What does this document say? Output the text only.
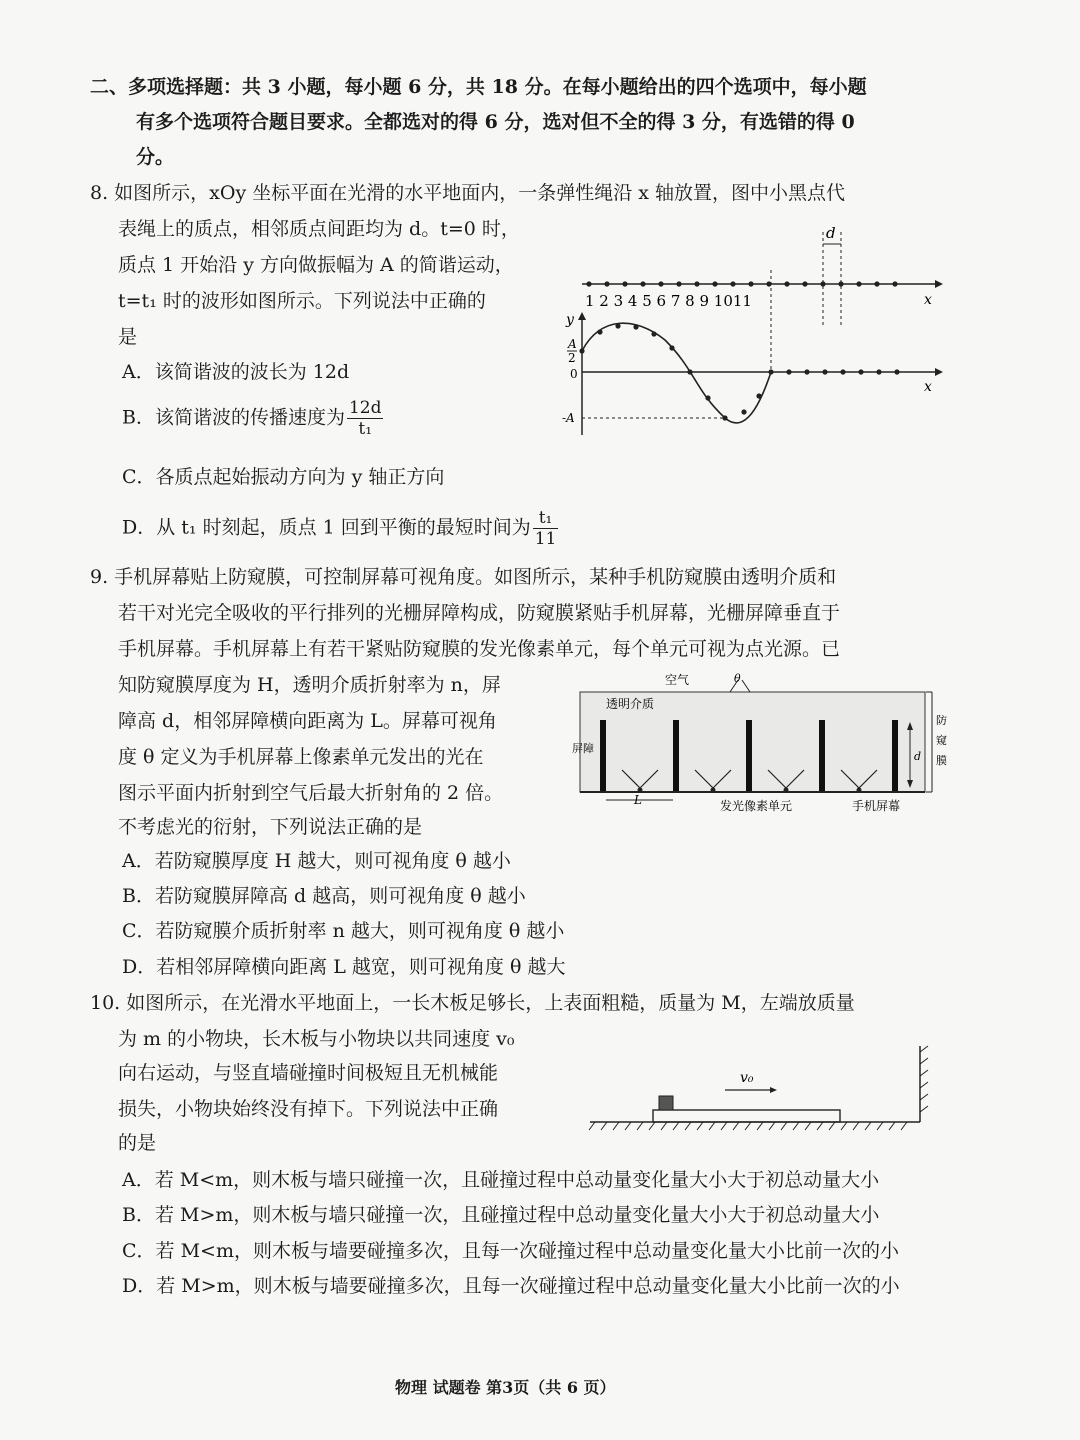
二、多项选择题：共 3 小题，每小题 6 分，共 18 分。在每小题给出的四个选项中，每小题
有多个选项符合题目要求。全都选对的得 6 分，选对但不全的得 3 分，有选错的得 0
分。
8. 如图所示，xOy 坐标平面在光滑的水平地面内，一条弹性绳沿 x 轴放置，图中小黑点代
表绳上的质点，相邻质点间距均为 d。t=0 时，
质点 1 开始沿 y 方向做振幅为 A 的简谐运动，
t=t₁ 时的波形如图所示。下列说法中正确的
是
A．该简谐波的波长为 12d
B．该简谐波的传播速度为 $\frac{12d}{\text{t₁}}$
C．各质点起始振动方向为 y 轴正方向
D．从 t₁ 时刻起，质点 1 回到平衡的最短时间为 $\frac{\text{t₁}}{11}$
d
x
1 2 3 4 5 6 7 8 9 1011
y
x
A
2
0
-A
9. 手机屏幕贴上防窥膜，可控制屏幕可视角度。如图所示，某种手机防窥膜由透明介质和
若干对光完全吸收的平行排列的光栅屏障构成，防窥膜紧贴手机屏幕，光栅屏障垂直于
手机屏幕。手机屏幕上有若干紧贴防窥膜的发光像素单元，每个单元可视为点光源。已
知防窥膜厚度为 H，透明介质折射率为 n，屏
障高 d，相邻屏障横向距离为 L。屏幕可视角
度 θ 定义为手机屏幕上像素单元发出的光在
图示平面内折射到空气后最大折射角的 2 倍。
不考虑光的衍射，下列说法正确的是
A．若防窥膜厚度 H 越大，则可视角度 θ 越小
B．若防窥膜屏障高 d 越高，则可视角度 θ 越小
C．若防窥膜介质折射率 n 越大，则可视角度 θ 越小
D．若相邻屏障横向距离 L 越宽，则可视角度 θ 越大
空气	θ
透明介质
屏障
d
防
窥
膜
L	发光像素单元	手机屏幕
10. 如图所示，在光滑水平地面上，一长木板足够长，上表面粗糙，质量为 M，左端放质量
为 m 的小物块，长木板与小物块以共同速度 v₀
向右运动，与竖直墙碰撞时间极短且无机械能
损失，小物块始终没有掉下。下列说法中正确
的是
A．若 M<m，则木板与墙只碰撞一次，且碰撞过程中总动量变化量大小大于初总动量大小
B．若 M>m，则木板与墙只碰撞一次，且碰撞过程中总动量变化量大小大于初总动量大小
C．若 M<m，则木板与墙要碰撞多次，且每一次碰撞过程中总动量变化量大小比前一次的小
D．若 M>m，则木板与墙要碰撞多次，且每一次碰撞过程中总动量变化量大小比前一次的小
v₀
物理 试题卷 第3页（共 6 页）
